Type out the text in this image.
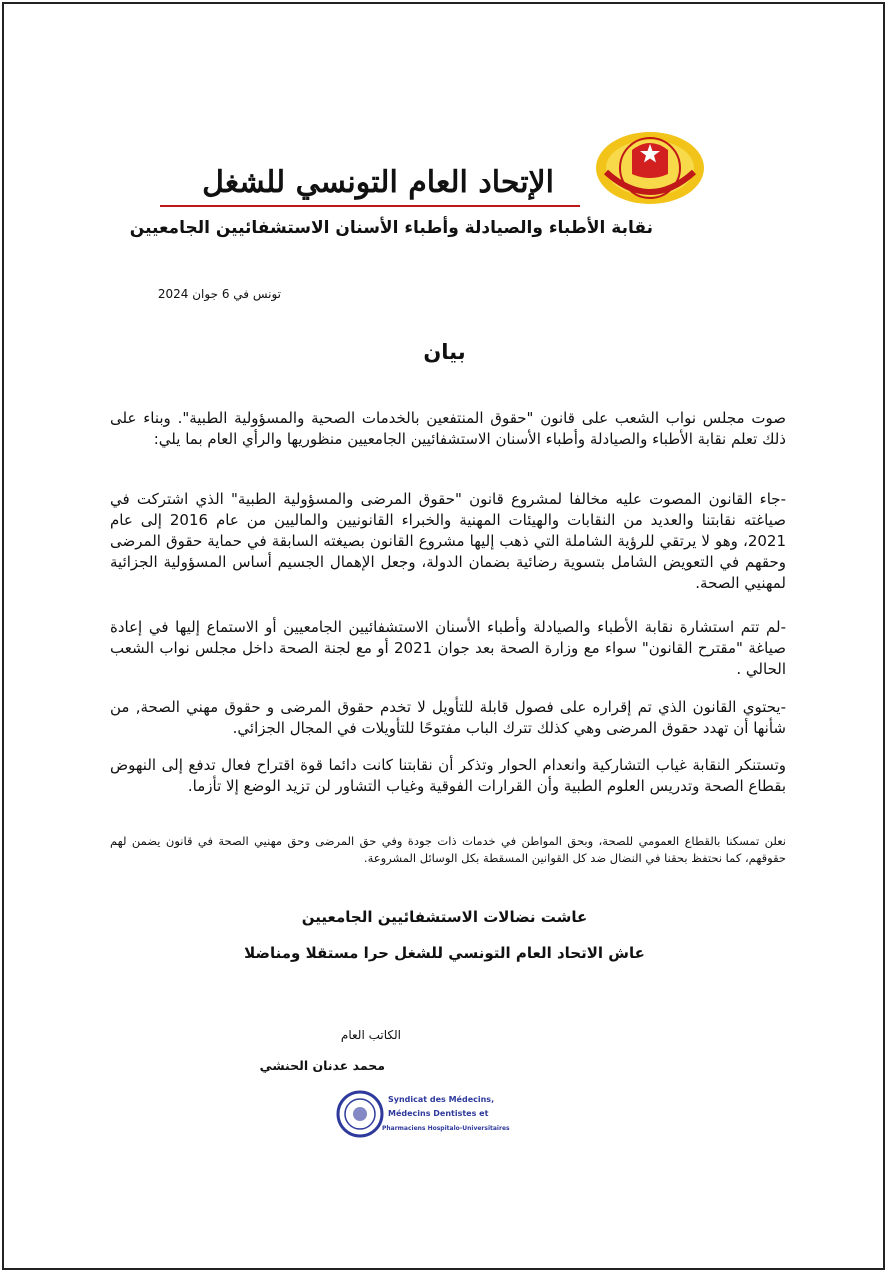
الإتحاد العام التونسي للشغل
نقابة الأطباء والصيادلة وأطباء الأسنان الاستشفائيين الجامعيين
تونس في 6 جوان 2024
بيان

صوت مجلس نواب الشعب على قانون "حقوق المنتفعين بالخدمات الصحية والمسؤولية الطبية". وبناء على ذلك تعلم نقابة الأطباء والصيادلة وأطباء الأسنان الاستشفائيين الجامعيين منظوريها والرأي العام بما يلي:

-جاء القانون المصوت عليه مخالفا لمشروع قانون "حقوق المرضى والمسؤولية الطبية" الذي اشتركت في صياغته نقابتنا والعديد من النقابات والهيئات المهنية والخبراء القانونيين والماليين من عام 2016 إلى عام 2021، وهو لا يرتقي للرؤية الشاملة التي ذهب إليها مشروع القانون بصيغته السابقة في حماية حقوق المرضى وحقهم في التعويض الشامل بتسوية رضائية بضمان الدولة، وجعل الإهمال الجسيم أساس المسؤولية الجزائية لمهنيي الصحة.

-لم تتم استشارة نقابة الأطباء والصيادلة وأطباء الأسنان الاستشفائيين الجامعيين أو الاستماع إليها في إعادة صياغة "مقترح القانون" سواء مع وزارة الصحة بعد جوان 2021 أو مع لجنة الصحة داخل مجلس نواب الشعب الحالي .

-يحتوي القانون الذي تم إقراره على فصول قابلة للتأويل لا تخدم حقوق المرضى و حقوق مهني الصحة, من شأنها أن تهدد حقوق المرضى وهي كذلك تترك الباب مفتوحًا للتأويلات في المجال الجزائي.

وتستنكر النقابة غياب التشاركية وانعدام الحوار وتذكر أن نقابتنا كانت دائما قوة اقتراح فعال تدفع إلى النهوض بقطاع الصحة وتدريس العلوم الطبية وأن القرارات الفوقية وغياب التشاور لن تزيد الوضع إلا تأزما.

نعلن تمسكنا بالقطاع العمومي للصحة، وبحق المواطن في خدمات ذات جودة وفي حق المرضى وحق مهنيي الصحة في قانون يضمن لهم حقوقهم، كما نحتفظ بحقنا في النضال ضد كل القوانين المسقطة بكل الوسائل المشروعة.

عاشت نضالات الاستشفائيين الجامعيين
عاش الاتحاد العام التونسي للشغل حرا مستقلا ومناضلا
الكاتب العام
محمد عدنان الحنشي
Syndicat des Médecins,
Médecins Dentistes et
Pharmaciens Hospitalo-Universitaires
